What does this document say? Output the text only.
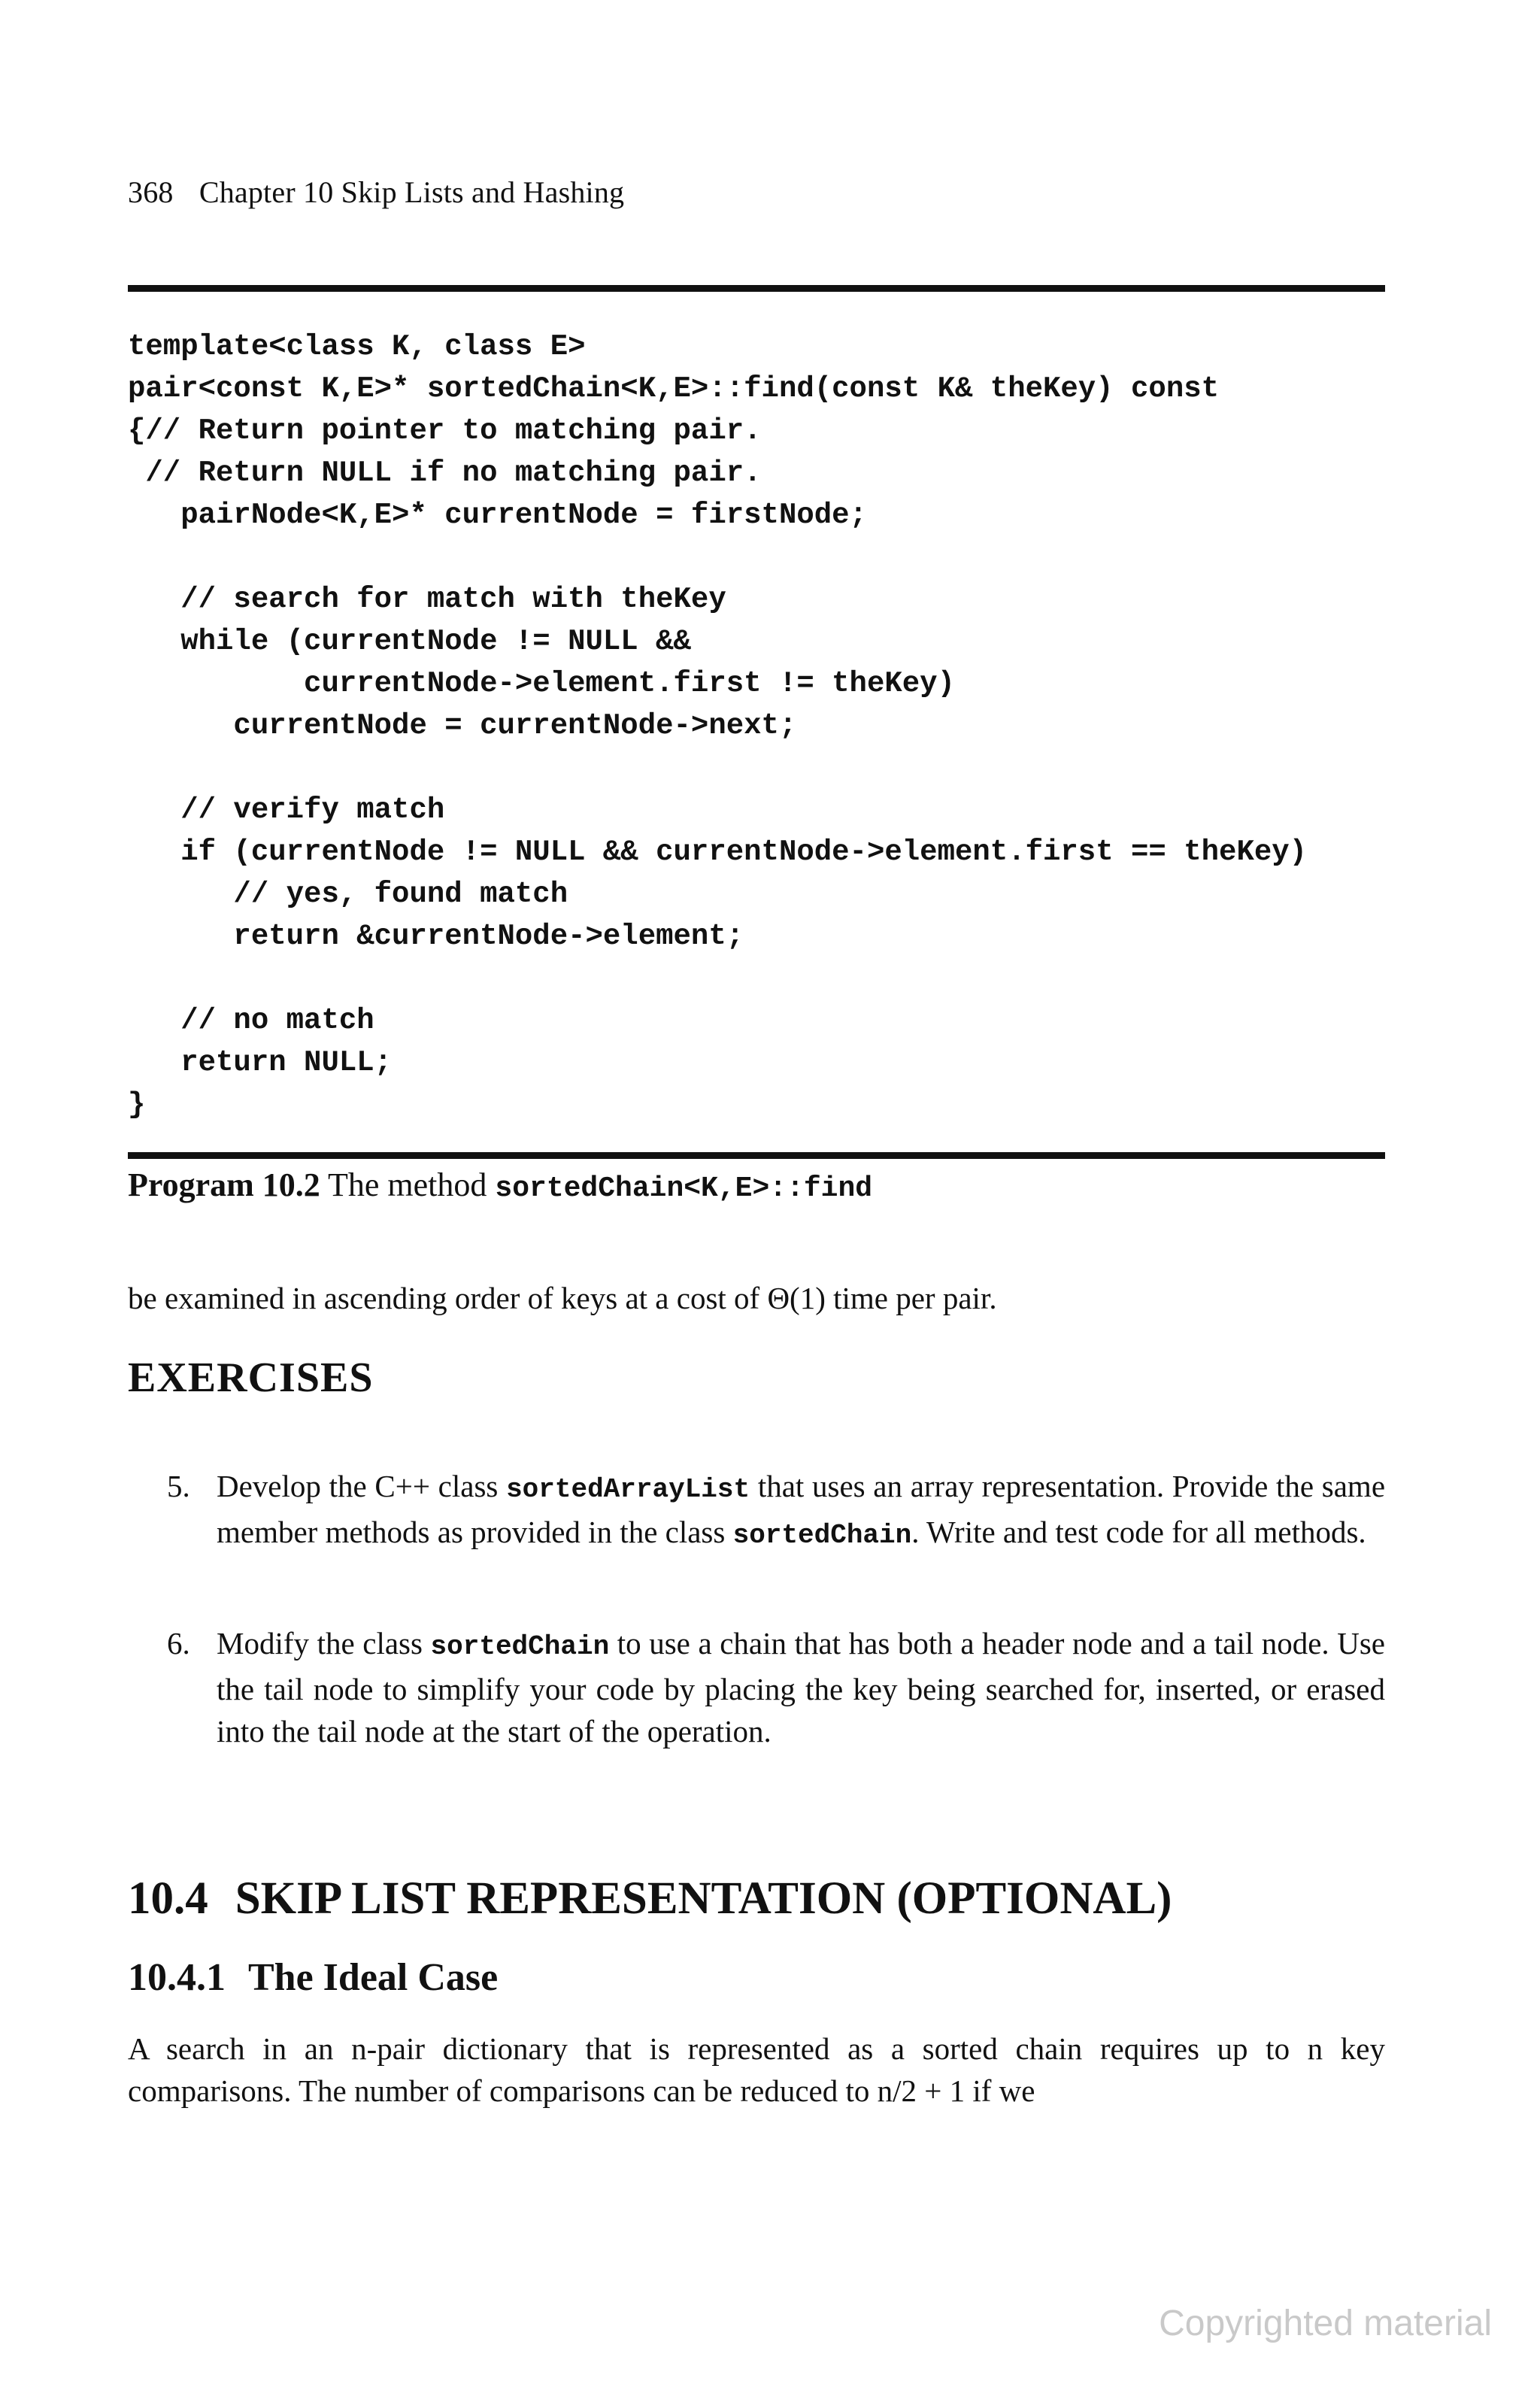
368 Chapter 10 Skip Lists and Hashing
template<class K, class E>
pair<const K,E>* sortedChain<K,E>::find(const K& theKey) const
{// Return pointer to matching pair.
// Return NULL if no matching pair.
pairNode<K,E>* currentNode = firstNode;
// search for match with theKey
while (currentNode != NULL &&
currentNode->element.first != theKey)
currentNode = currentNode->next;
// verify match
if (currentNode != NULL && currentNode->element.first == theKey)
// yes, found match
return &currentNode->element;
// no match
return NULL;
}
Program 10.2 The method sortedChain<K,E>::find
be examined in ascending order of keys at a cost of Θ(1) time per pair.
EXERCISES
5. Develop the C++ class sortedArrayList that uses an array representation. Provide the same member methods as provided in the class sortedChain. Write and test code for all methods.
6. Modify the class sortedChain to use a chain that has both a header node and a tail node. Use the tail node to simplify your code by placing the key being searched for, inserted, or erased into the tail node at the start of the operation.
10.4 SKIP LIST REPRESENTATION (OPTIONAL)
10.4.1 The Ideal Case
A search in an n-pair dictionary that is represented as a sorted chain requires up to n key comparisons. The number of comparisons can be reduced to n/2 + 1 if we
Copyrighted material
